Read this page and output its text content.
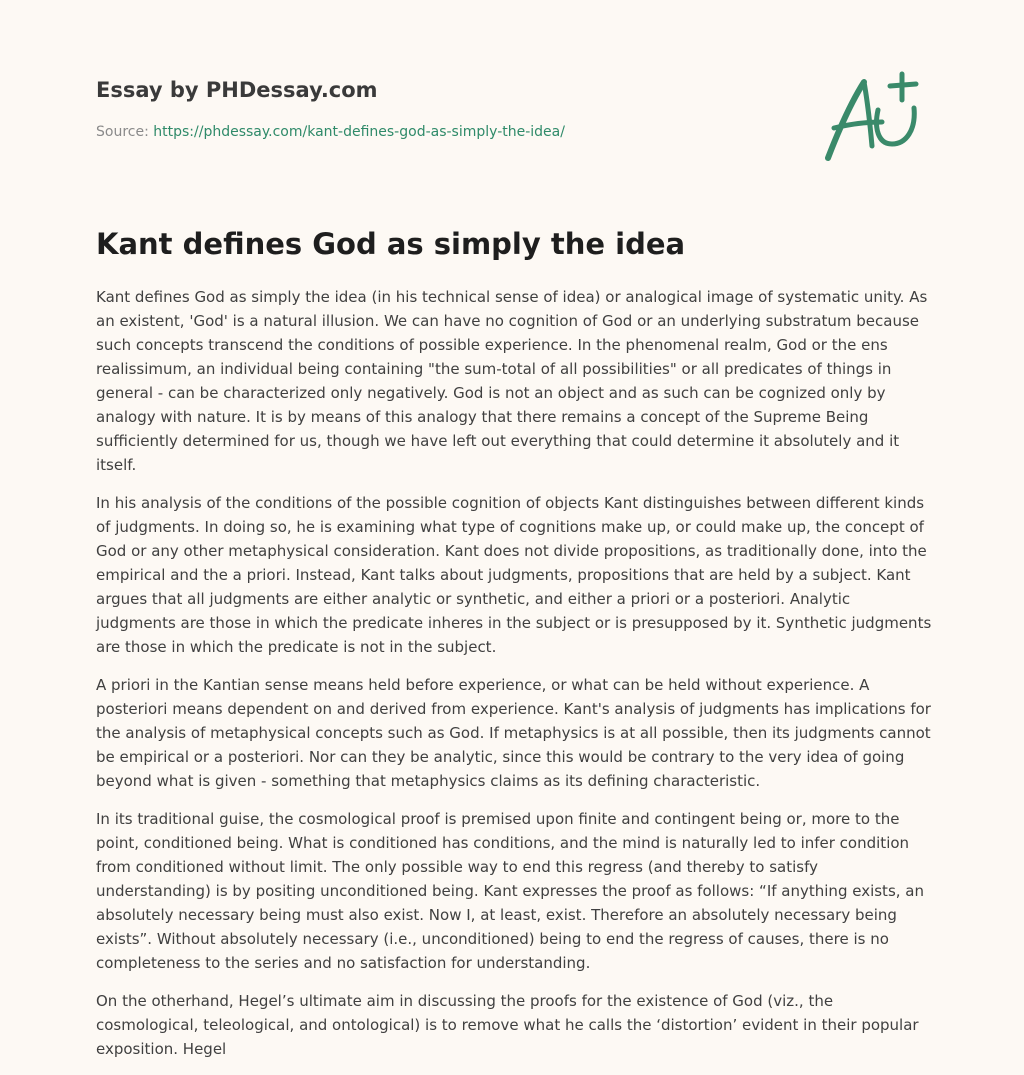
Essay by PHDessay.com
Source: https://phdessay.com/kant-defines-god-as-simply-the-idea/
Kant defines God as simply the idea

Kant defines God as simply the idea (in his technical sense of idea) or analogical image of systematic unity. As an existent, 'God' is a natural illusion. We can have no cognition of God or an underlying substratum because such concepts transcend the conditions of possible experience. In the phenomenal realm, God or the ens realissimum, an individual being containing "the sum-total of all possibilities" or all predicates of things in general - can be characterized only negatively. God is not an object and as such can be cognized only by analogy with nature. It is by means of this analogy that there remains a concept of the Supreme Being sufficiently determined for us, though we have left out everything that could determine it absolutely and it itself.

In his analysis of the conditions of the possible cognition of objects Kant distinguishes between different kinds of judgments. In doing so, he is examining what type of cognitions make up, or could make up, the concept of God or any other metaphysical consideration. Kant does not divide propositions, as traditionally done, into the empirical and the a priori. Instead, Kant talks about judgments, propositions that are held by a subject. Kant argues that all judgments are either analytic or synthetic, and either a priori or a posteriori. Analytic judgments are those in which the predicate inheres in the subject or is presupposed by it. Synthetic judgments are those in which the predicate is not in the subject.

A priori in the Kantian sense means held before experience, or what can be held without experience. A posteriori means dependent on and derived from experience. Kant's analysis of judgments has implications for the analysis of metaphysical concepts such as God. If metaphysics is at all possible, then its judgments cannot be empirical or a posteriori. Nor can they be analytic, since this would be contrary to the very idea of going beyond what is given - something that metaphysics claims as its defining characteristic.

In its traditional guise, the cosmological proof is premised upon finite and contingent being or, more to the point, conditioned being. What is conditioned has conditions, and the mind is naturally led to infer condition from conditioned without limit. The only possible way to end this regress (and thereby to satisfy understanding) is by positing unconditioned being. Kant expresses the proof as follows: “If anything exists, an absolutely necessary being must also exist. Now I, at least, exist. Therefore an absolutely necessary being exists”. Without absolutely necessary (i.e., unconditioned) being to end the regress of causes, there is no completeness to the series and no satisfaction for understanding.

On the otherhand, Hegel’s ultimate aim in discussing the proofs for the existence of God (viz., the cosmological, teleological, and ontological) is to remove what he calls the ‘distortion’ evident in their popular exposition. Hegel
